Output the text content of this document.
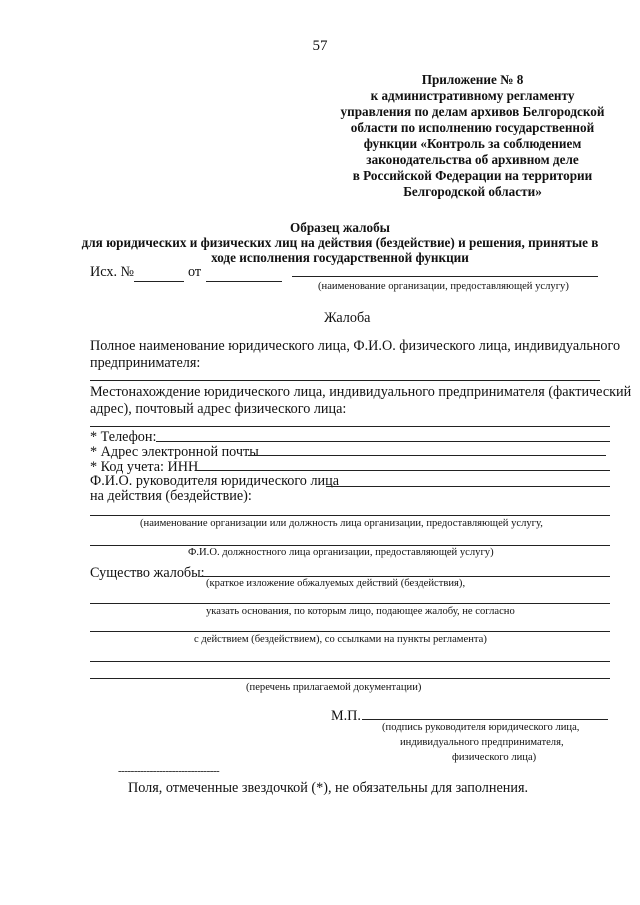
57
Приложение № 8
к административному регламенту
управления по делам архивов Белгородской
области по исполнению государственной
функции «Контроль за соблюдением
законодательства об архивном деле
в Российской Федерации на территории
Белгородской области»
Образец жалобы
для юридических и физических лиц на действия (бездействие) и решения, принятые в
ходе исполнения государственной функции
Исх. №	от
(наименование организации, предоставляющей услугу)
Жалоба
Полное наименование юридического лица, Ф.И.О. физического лица, индивидуального
предпринимателя:
Местонахождение юридического лица, индивидуального предпринимателя (фактический
адрес), почтовый адрес физического лица:
* Телефон:
* Адрес электронной почты
* Код учета: ИНН
Ф.И.О. руководителя юридического лица
на действия (бездействие):
(наименование организации или должность лица организации, предоставляющей услугу,
Ф.И.О. должностного лица организации, предоставляющей услугу)
Существо жалобы:
(краткое изложение обжалуемых действий (бездействия),
указать основания, по которым лицо, подающее жалобу, не согласно
с действием (бездействием), со ссылками на пункты регламента)
(перечень прилагаемой документации)
М.П.
(подпись руководителя юридического лица,
индивидуального предпринимателя,
физического лица)
--------------------------------
Поля, отмеченные звездочкой (*), не обязательны для заполнения.
